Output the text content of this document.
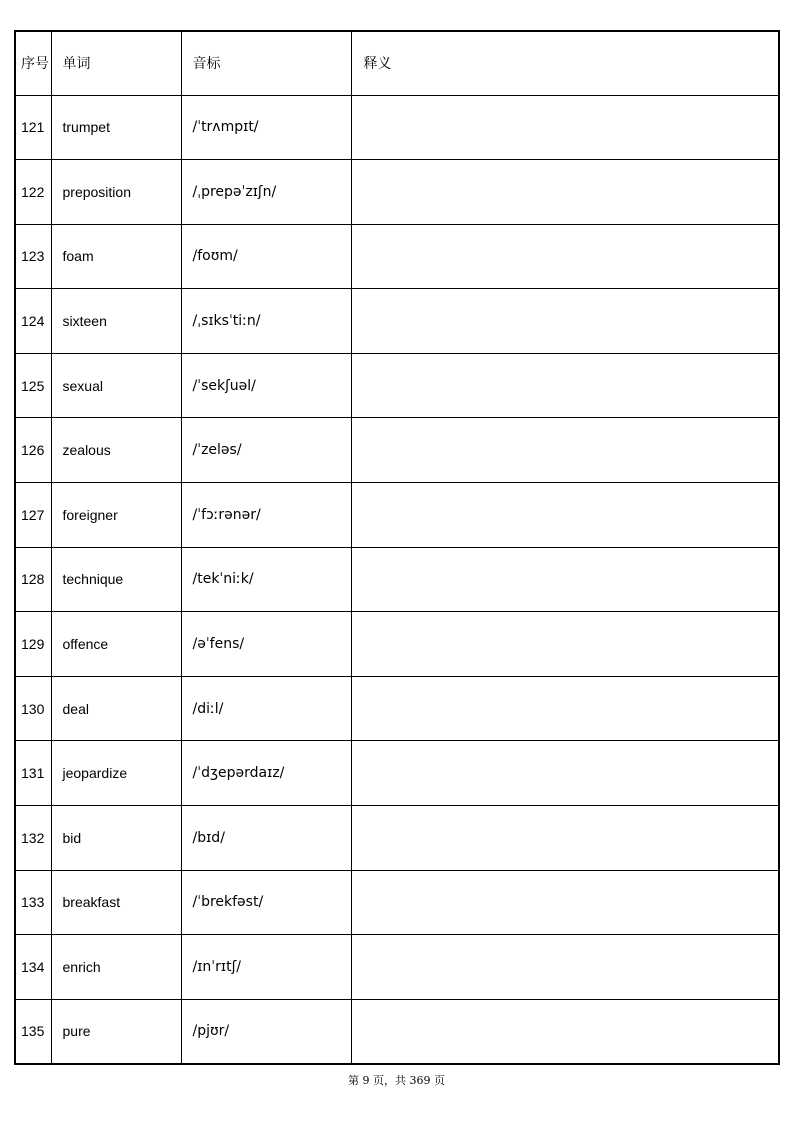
序号	单词	音标	释义
121	trumpet	/ˈtrʌmpɪt/	
122	preposition	/ˌprepəˈzɪʃn/	
123	foam	/foʊm/	
124	sixteen	/ˌsɪksˈtiːn/	
125	sexual	/ˈsekʃuəl/	
126	zealous	/ˈzeləs/	
127	foreigner	/ˈfɔːrənər/	
128	technique	/tekˈniːk/	
129	offence	/əˈfens/	
130	deal	/diːl/	
131	jeopardize	/ˈdʒepərdaɪz/	
132	bid	/bɪd/	
133	breakfast	/ˈbrekfəst/	
134	enrich	/ɪnˈrɪtʃ/	
135	pure	/pjʊr/	
第 9 页，共 369 页
